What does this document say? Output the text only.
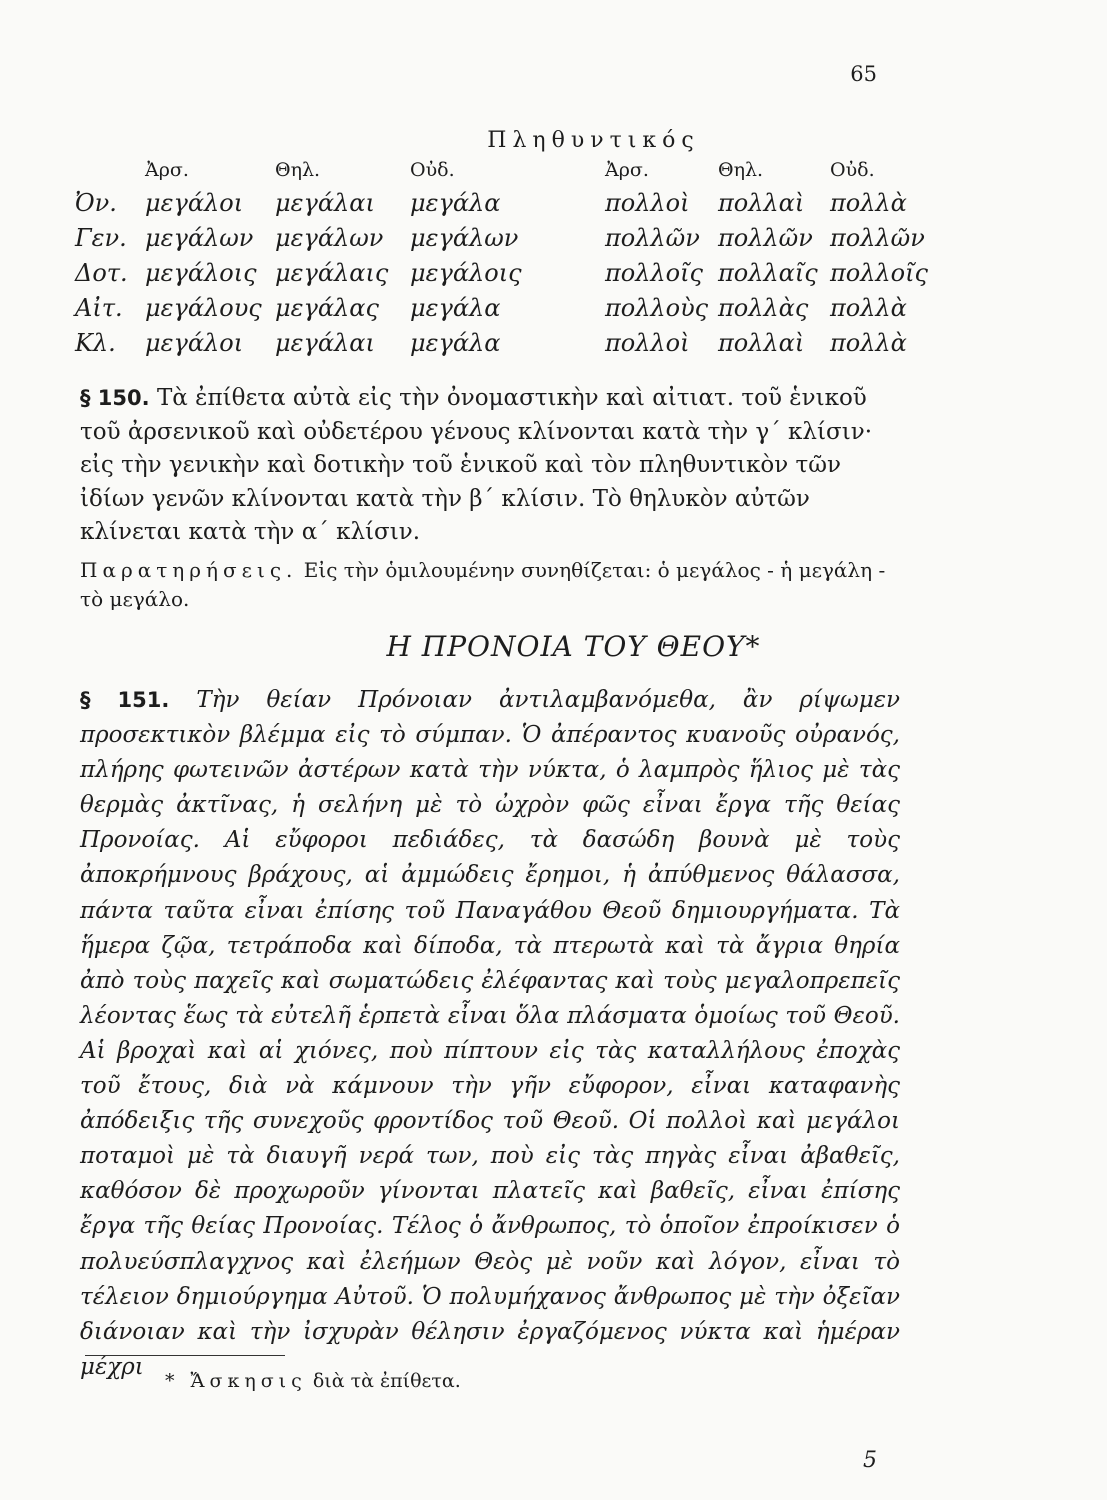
65
Πληθυντικός
	Ἀρσ.	Θηλ.	Οὐδ.	Ἀρσ.	Θηλ.	Οὐδ.
Ὀν.	μεγάλοι	μεγάλαι	μεγάλα	πολλοὶ	πολλαὶ	πολλὰ
Γεν.	μεγάλων	μεγάλων	μεγάλων	πολλῶν	πολλῶν	πολλῶν
Δοτ.	μεγάλοις	μεγάλαις	μεγάλοις	πολλοῖς	πολλαῖς	πολλοῖς
Αἰτ.	μεγάλους	μεγάλας	μεγάλα	πολλοὺς	πολλὰς	πολλὰ
Κλ.	μεγάλοι	μεγάλαι	μεγάλα	πολλοὶ	πολλαὶ	πολλὰ

§ 150. Τὰ ἐπίθετα αὐτὰ εἰς τὴν ὀνομαστικὴν καὶ αἰτιατ. τοῦ ἑνικοῦ τοῦ ἀρσενικοῦ καὶ οὐδετέρου γένους κλίνονται κατὰ τὴν γ΄ κλίσιν· εἰς τὴν γενικὴν καὶ δοτικὴν τοῦ ἑνικοῦ καὶ τὸν πληθυντικὸν τῶν ἰδίων γενῶν κλίνονται κατὰ τὴν β΄ κλίσιν. Τὸ θηλυκὸν αὐτῶν κλίνεται κατὰ τὴν α΄ κλίσιν.

Παρατηρήσεις. Εἰς τὴν ὁμιλουμένην συνηθίζεται: ὁ μεγάλος - ἡ μεγάλη - τὸ μεγάλο.

Η ΠΡΟΝΟΙΑ ΤΟΥ ΘΕΟΥ*

§ 151. Τὴν θείαν Πρόνοιαν ἀντιλαμβανόμεθα, ἂν ρίψωμεν προσεκτικὸν βλέμμα εἰς τὸ σύμπαν. Ὁ ἀπέραντος κυανοῦς οὐρανός, πλήρης φωτεινῶν ἀστέρων κατὰ τὴν νύκτα, ὁ λαμπρὸς ἥλιος μὲ τὰς θερμὰς ἀκτῖνας, ἡ σελήνη μὲ τὸ ὠχρὸν φῶς εἶναι ἔργα τῆς θείας Προνοίας. Αἱ εὔφοροι πεδιάδες, τὰ δασώδη βουνὰ μὲ τοὺς ἀποκρήμνους βράχους, αἱ ἀμμώδεις ἔρημοι, ἡ ἀπύθμενος θάλασσα, πάντα ταῦτα εἶναι ἐπίσης τοῦ Παναγάθου Θεοῦ δημιουργήματα. Τὰ ἥμερα ζῷα, τετράποδα καὶ δίποδα, τὰ πτερωτὰ καὶ τὰ ἄγρια θηρία ἀπὸ τοὺς παχεῖς καὶ σωματώδεις ἐλέφαντας καὶ τοὺς μεγαλοπρεπεῖς λέοντας ἕως τὰ εὐτελῆ ἑρπετὰ εἶναι ὅλα πλάσματα ὁμοίως τοῦ Θεοῦ. Αἱ βροχαὶ καὶ αἱ χιόνες, ποὺ πίπτουν εἰς τὰς καταλλήλους ἐποχὰς τοῦ ἔτους, διὰ νὰ κάμνουν τὴν γῆν εὔφορον, εἶναι καταφανὴς ἀπόδειξις τῆς συνεχοῦς φροντίδος τοῦ Θεοῦ. Οἱ πολλοὶ καὶ μεγάλοι ποταμοὶ μὲ τὰ διαυγῆ νερά των, ποὺ εἰς τὰς πηγὰς εἶναι ἀβαθεῖς, καθόσον δὲ προχωροῦν γίνονται πλατεῖς καὶ βαθεῖς, εἶναι ἐπίσης ἔργα τῆς θείας Προνοίας. Τέλος ὁ ἄνθρωπος, τὸ ὁποῖον ἐπροίκισεν ὁ πολυεύσπλαγχνος καὶ ἐλεήμων Θεὸς μὲ νοῦν καὶ λόγον, εἶναι τὸ τέλειον δημιούργημα Αὐτοῦ. Ὁ πολυμήχανος ἄνθρωπος μὲ τὴν ὀξεῖαν διάνοιαν καὶ τὴν ἰσχυρὰν θέλησιν ἐργαζόμενος νύκτα καὶ ἡμέραν μέχρι

* Ἄσκησις διὰ τὰ ἐπίθετα.
5
